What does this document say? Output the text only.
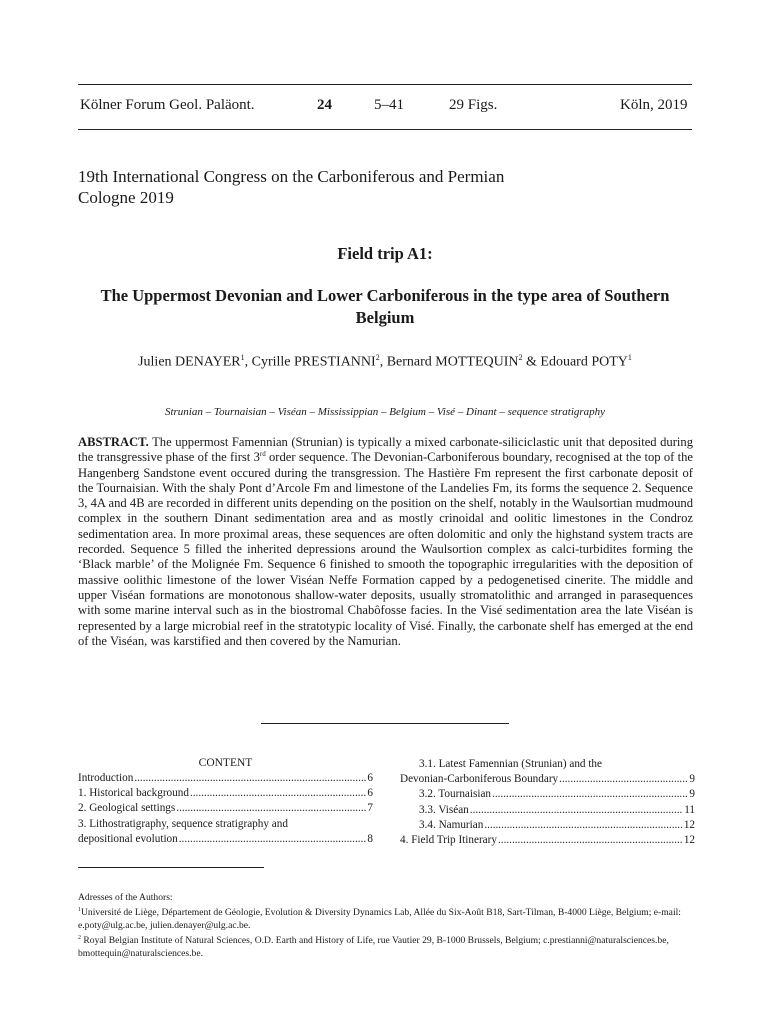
Kölner Forum Geol. Paläont.	24	5–41	29 Figs.	Köln, 2019
19th International Congress on the Carboniferous and Permian
Cologne 2019
Field trip A1:
The Uppermost Devonian and Lower Carboniferous in the type area of Southern Belgium
Julien DENAYER$^1$, Cyrille PRESTIANNI$^2$, Bernard MOTTEQUIN$^2$ & Edouard POTY$^1$
Strunian – Tournaisian – Viséan – Mississippian – Belgium – Visé – Dinant – sequence stratigraphy
ABSTRACT. The uppermost Famennian (Strunian) is typically a mixed carbonate-siliciclastic unit that deposited during the transgressive phase of the first 3rd order sequence. The Devonian-Carboniferous boundary, recognised at the top of the Hangenberg Sandstone event occured during the transgression. The Hastière Fm represent the first carbonate deposit of the Tournaisian. With the shaly Pont d’Arcole Fm and limestone of the Landelies Fm, its forms the sequence 2. Sequence 3, 4A and 4B are recorded in different units depending on the position on the shelf, notably in the Waulsortian mudmound complex in the southern Dinant sedimentation area and as mostly crinoidal and oolitic limestones in the Condroz sedimentation area. In more proximal areas, these sequences are often dolomitic and only the highstand system tracts are recorded. Sequence 5 filled the inherited depressions around the Waulsortion complex as calci-turbidites forming the ‘Black marble’ of the Molignée Fm. Sequence 6 finished to smooth the topographic irregularities with the deposition of massive oolithic limestone of the lower Viséan Neffe Formation capped by a pedogenetised cinerite. The middle and upper Viséan formations are monotonous shallow-water deposits, usually stromatolithic and arranged in parasequences with some marine interval such as in the biostromal Chabôfosse facies. In the Visé sedimentation area the late Viséan is represented by a large microbial reef in the stratotypic locality of Visé. Finally, the carbonate shelf has emerged at the end of the Viséan, was karstified and then covered by the Namurian.
CONTENT
Introduction .....	6
1. Historical background .....	6
2. Geological settings .....	7
3. Lithostratigraphy, sequence stratigraphy and
depositional evolution .....	8
3.1. Latest Famennian (Strunian) and the
Devonian-Carboniferous Boundary .....	9
3.2. Tournaisian .....	9
3.3. Viséan .....	11
3.4. Namurian .....	12
4. Field Trip Itinerary .....	12
Adresses of the Authors:
$^1$Université de Liège, Département de Géologie, Evolution & Diversity Dynamics Lab, Allée du Six-Août B18, Sart-Tilman, B-4000 Liège, Belgium; e-mail: e.poty@ulg.ac.be, julien.denayer@ulg.ac.be.
$^2$ Royal Belgian Institute of Natural Sciences, O.D. Earth and History of Life, rue Vautier 29, B-1000 Brussels, Belgium; c.prestianni@naturalsciences.be, bmottequin@naturalsciences.be.
